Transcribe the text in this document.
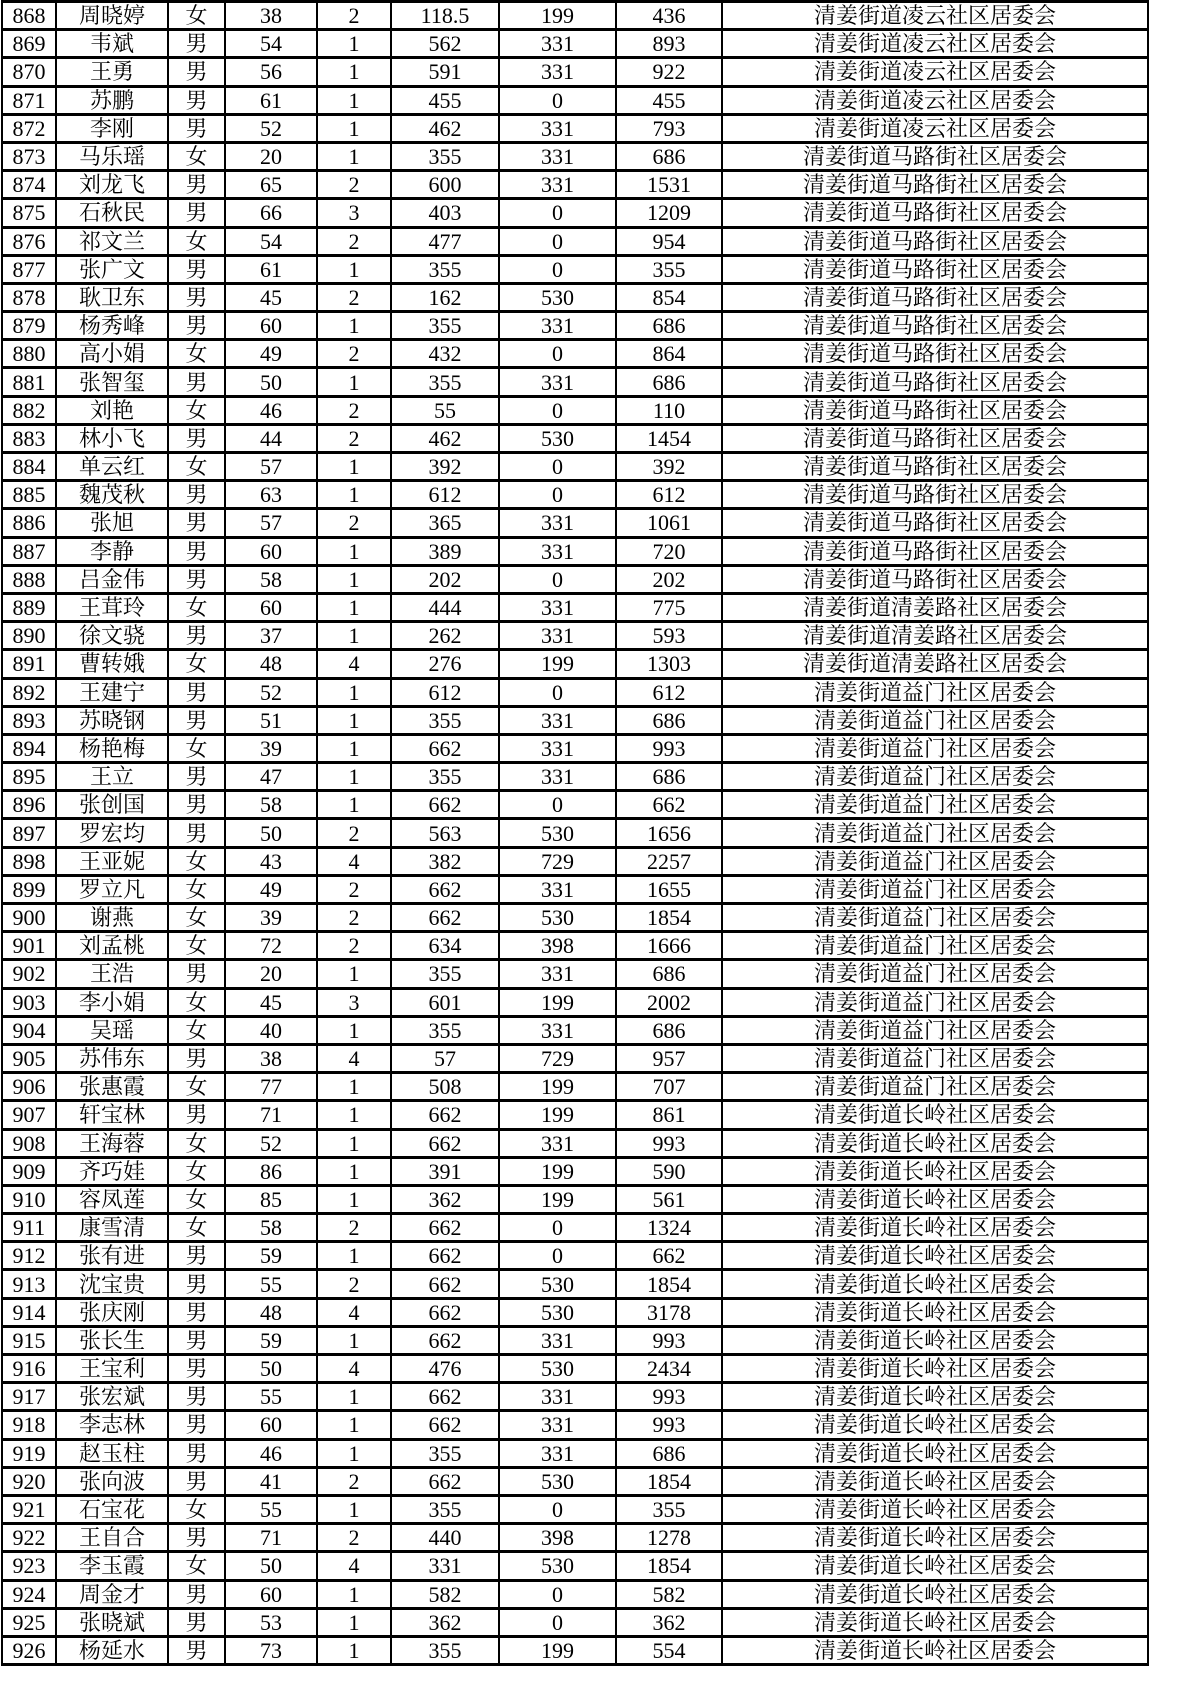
868	周晓婷	女	38	2	118.5	199	436	清姜街道凌云社区居委会
869	韦斌	男	54	1	562	331	893	清姜街道凌云社区居委会
870	王勇	男	56	1	591	331	922	清姜街道凌云社区居委会
871	苏鹏	男	61	1	455	0	455	清姜街道凌云社区居委会
872	李刚	男	52	1	462	331	793	清姜街道凌云社区居委会
873	马乐瑶	女	20	1	355	331	686	清姜街道马路街社区居委会
874	刘龙飞	男	65	2	600	331	1531	清姜街道马路街社区居委会
875	石秋民	男	66	3	403	0	1209	清姜街道马路街社区居委会
876	祁文兰	女	54	2	477	0	954	清姜街道马路街社区居委会
877	张广文	男	61	1	355	0	355	清姜街道马路街社区居委会
878	耿卫东	男	45	2	162	530	854	清姜街道马路街社区居委会
879	杨秀峰	男	60	1	355	331	686	清姜街道马路街社区居委会
880	高小娟	女	49	2	432	0	864	清姜街道马路街社区居委会
881	张智玺	男	50	1	355	331	686	清姜街道马路街社区居委会
882	刘艳	女	46	2	55	0	110	清姜街道马路街社区居委会
883	林小飞	男	44	2	462	530	1454	清姜街道马路街社区居委会
884	单云红	女	57	1	392	0	392	清姜街道马路街社区居委会
885	魏茂秋	男	63	1	612	0	612	清姜街道马路街社区居委会
886	张旭	男	57	2	365	331	1061	清姜街道马路街社区居委会
887	李静	男	60	1	389	331	720	清姜街道马路街社区居委会
888	吕金伟	男	58	1	202	0	202	清姜街道马路街社区居委会
889	王茸玲	女	60	1	444	331	775	清姜街道清姜路社区居委会
890	徐文骁	男	37	1	262	331	593	清姜街道清姜路社区居委会
891	曹转娥	女	48	4	276	199	1303	清姜街道清姜路社区居委会
892	王建宁	男	52	1	612	0	612	清姜街道益门社区居委会
893	苏晓钢	男	51	1	355	331	686	清姜街道益门社区居委会
894	杨艳梅	女	39	1	662	331	993	清姜街道益门社区居委会
895	王立	男	47	1	355	331	686	清姜街道益门社区居委会
896	张创国	男	58	1	662	0	662	清姜街道益门社区居委会
897	罗宏均	男	50	2	563	530	1656	清姜街道益门社区居委会
898	王亚妮	女	43	4	382	729	2257	清姜街道益门社区居委会
899	罗立凡	女	49	2	662	331	1655	清姜街道益门社区居委会
900	谢燕	女	39	2	662	530	1854	清姜街道益门社区居委会
901	刘孟桃	女	72	2	634	398	1666	清姜街道益门社区居委会
902	王浩	男	20	1	355	331	686	清姜街道益门社区居委会
903	李小娟	女	45	3	601	199	2002	清姜街道益门社区居委会
904	吴瑶	女	40	1	355	331	686	清姜街道益门社区居委会
905	苏伟东	男	38	4	57	729	957	清姜街道益门社区居委会
906	张惠霞	女	77	1	508	199	707	清姜街道益门社区居委会
907	轩宝林	男	71	1	662	199	861	清姜街道长岭社区居委会
908	王海蓉	女	52	1	662	331	993	清姜街道长岭社区居委会
909	齐巧娃	女	86	1	391	199	590	清姜街道长岭社区居委会
910	容凤莲	女	85	1	362	199	561	清姜街道长岭社区居委会
911	康雪清	女	58	2	662	0	1324	清姜街道长岭社区居委会
912	张有进	男	59	1	662	0	662	清姜街道长岭社区居委会
913	沈宝贵	男	55	2	662	530	1854	清姜街道长岭社区居委会
914	张庆刚	男	48	4	662	530	3178	清姜街道长岭社区居委会
915	张长生	男	59	1	662	331	993	清姜街道长岭社区居委会
916	王宝利	男	50	4	476	530	2434	清姜街道长岭社区居委会
917	张宏斌	男	55	1	662	331	993	清姜街道长岭社区居委会
918	李志林	男	60	1	662	331	993	清姜街道长岭社区居委会
919	赵玉柱	男	46	1	355	331	686	清姜街道长岭社区居委会
920	张向波	男	41	2	662	530	1854	清姜街道长岭社区居委会
921	石宝花	女	55	1	355	0	355	清姜街道长岭社区居委会
922	王自合	男	71	2	440	398	1278	清姜街道长岭社区居委会
923	李玉霞	女	50	4	331	530	1854	清姜街道长岭社区居委会
924	周金才	男	60	1	582	0	582	清姜街道长岭社区居委会
925	张晓斌	男	53	1	362	0	362	清姜街道长岭社区居委会
926	杨延水	男	73	1	355	199	554	清姜街道长岭社区居委会
